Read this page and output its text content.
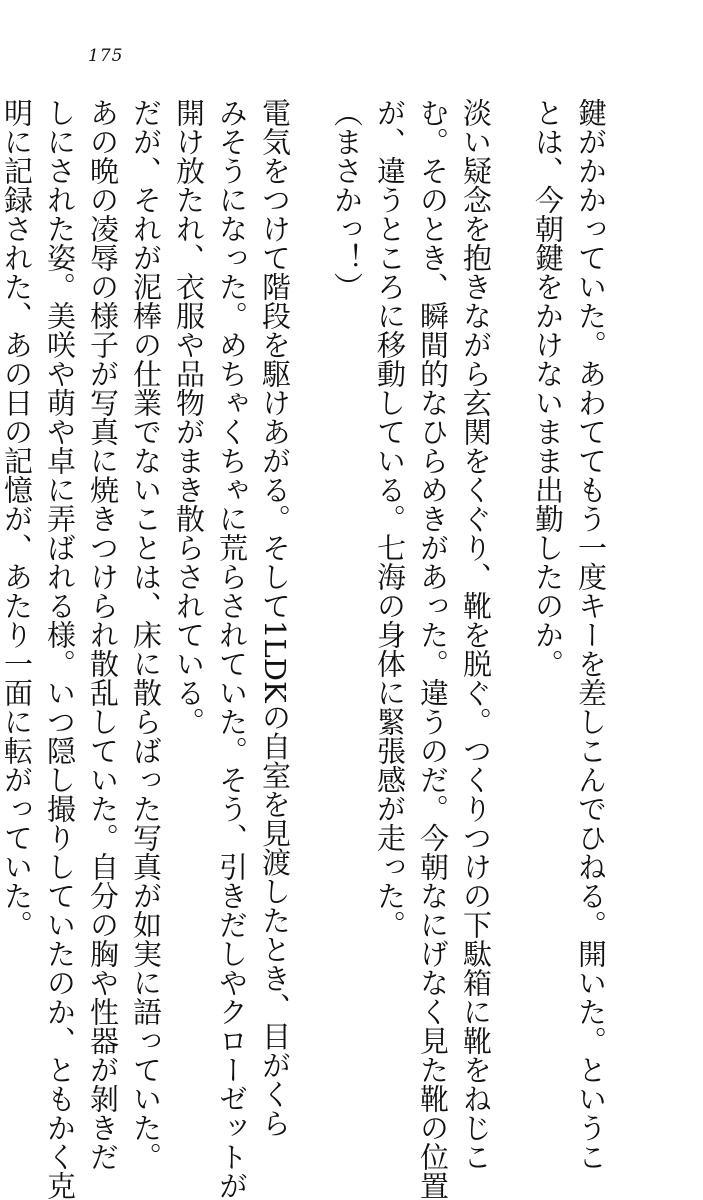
175

鍵がかかっていた。あわててもう一度キーを差しこんでひねる。開いた。というこ

とは、今朝鍵をかけないまま出勤したのか。

淡い疑念を抱きながら玄関をくぐり、靴を脱ぐ。つくりつけの下駄箱に靴をねじこ

む。そのとき、瞬間的なひらめきがあった。違うのだ。今朝なにげなく見た靴の位置

が、違うところに移動している。七海の身体に緊張感が走った。

（まさかっ！）

電気をつけて階段を駆けあがる。そして1LDKの自室を見渡したとき、目がくら

みそうになった。めちゃくちゃに荒らされていた。そう、引きだしやクローゼットが

開け放たれ、衣服や品物がまき散らされている。

だが、それが泥棒の仕業でないことは、床に散らばった写真が如実に語っていた。

あの晩の凌辱の様子が写真に焼きつけられ散乱していた。自分の胸や性器が剝きだ

しにされた姿。美咲や萌や卓に弄ばれる様。いつ隠し撮りしていたのか、ともかく克

明に記録された、あの日の記憶が、あたり一面に転がっていた。
